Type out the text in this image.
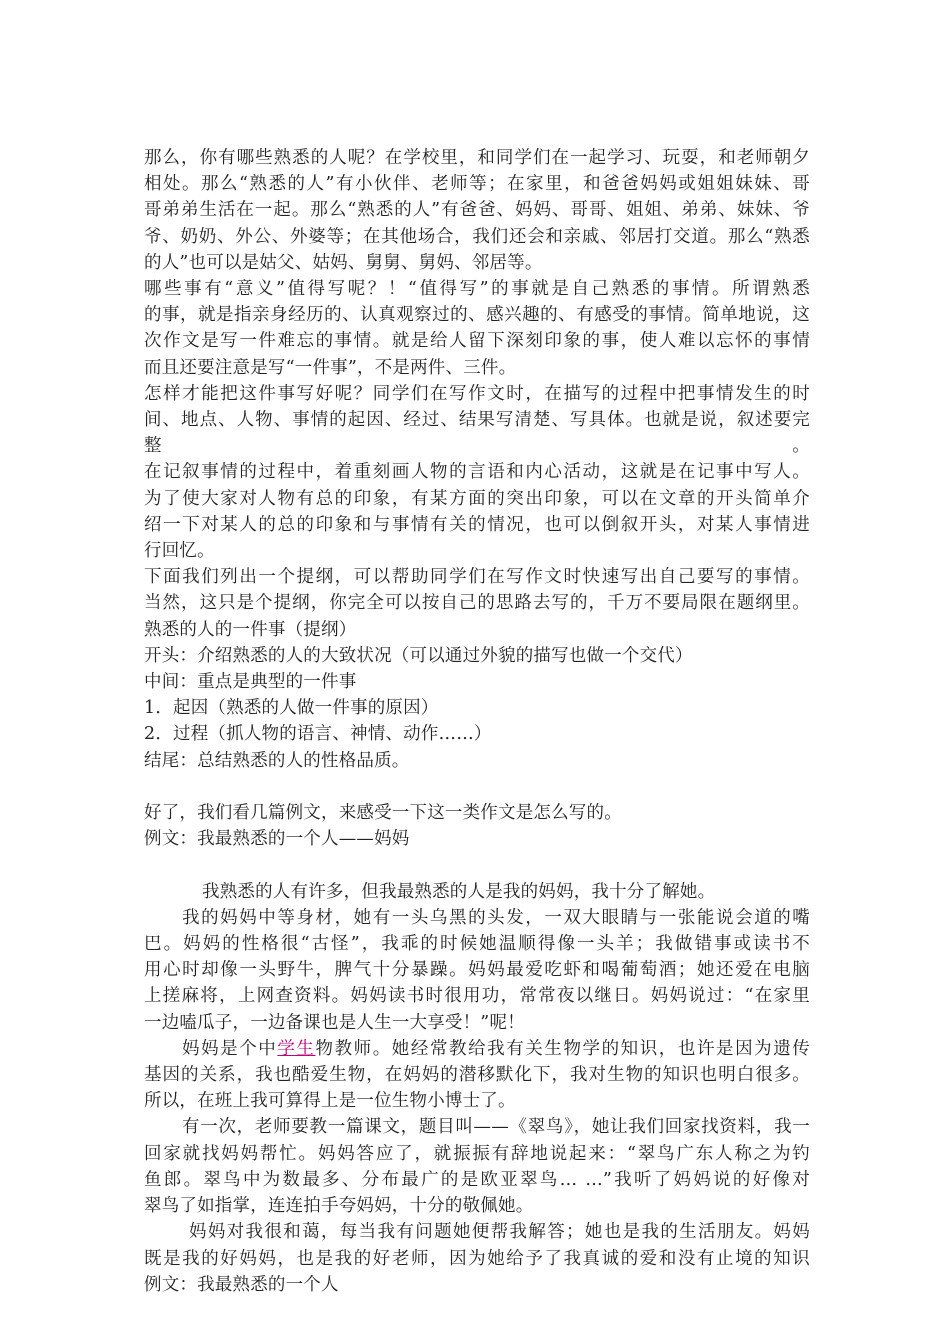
那么，你有哪些熟悉的人呢？在学校里，和同学们在一起学习、玩耍，和老师朝夕
相处。那么“熟悉的人”有小伙伴、老师等；在家里，和爸爸妈妈或姐姐妹妹、哥
哥弟弟生活在一起。那么“熟悉的人”有爸爸、妈妈、哥哥、姐姐、弟弟、妹妹、爷
爷、奶奶、外公、外婆等；在其他场合，我们还会和亲戚、邻居打交道。那么“熟悉
的人”也可以是姑父、姑妈、舅舅、舅妈、邻居等。
哪些事有“意义”值得写呢？！“值得写”的事就是自己熟悉的事情。所谓熟悉
的事，就是指亲身经历的、认真观察过的、感兴趣的、有感受的事情。简单地说，这
次作文是写一件难忘的事情。就是给人留下深刻印象的事，使人难以忘怀的事情
而且还要注意是写“一件事”，不是两件、三件。
怎样才能把这件事写好呢？同学们在写作文时，在描写的过程中把事情发生的时
间、地点、人物、事情的起因、经过、结果写清楚、写具体。也就是说，叙述要完整。
在记叙事情的过程中，着重刻画人物的言语和内心活动，这就是在记事中写人。
为了使大家对人物有总的印象，有某方面的突出印象，可以在文章的开头简单介
绍一下对某人的总的印象和与事情有关的情况，也可以倒叙开头，对某人事情进
行回忆。
下面我们列出一个提纲，可以帮助同学们在写作文时快速写出自己要写的事情。
当然，这只是个提纲，你完全可以按自己的思路去写的，千万不要局限在题纲里。
熟悉的人的一件事（提纲）
开头：介绍熟悉的人的大致状况（可以通过外貌的描写也做一个交代）
中间：重点是典型的一件事
1．起因（熟悉的人做一件事的原因）
2．过程（抓人物的语言、神情、动作……）
结尾：总结熟悉的人的性格品质。
好了，我们看几篇例文，来感受一下这一类作文是怎么写的。
例文：我最熟悉的一个人——妈妈
我熟悉的人有许多，但我最熟悉的人是我的妈妈，我十分了解她。
我的妈妈中等身材，她有一头乌黑的头发，一双大眼睛与一张能说会道的嘴
巴。妈妈的性格很“古怪”，我乖的时候她温顺得像一头羊；我做错事或读书不
用心时却像一头野牛，脾气十分暴躁。妈妈最爱吃虾和喝葡萄酒；她还爱在电脑
上搓麻将，上网查资料。妈妈读书时很用功，常常夜以继日。妈妈说过：“在家里
一边嗑瓜子，一边备课也是人生一大享受！”呢！
妈妈是个中学生物教师。她经常教给我有关生物学的知识，也许是因为遗传
基因的关系，我也酷爱生物，在妈妈的潜移默化下，我对生物的知识也明白很多。
所以，在班上我可算得上是一位生物小博士了。
有一次，老师要教一篇课文，题目叫——《翠鸟》，她让我们回家找资料，我一
回家就找妈妈帮忙。妈妈答应了，就振振有辞地说起来：“翠鸟广东人称之为钓
鱼郎。翠鸟中为数最多、分布最广的是欧亚翠鸟… …”我听了妈妈说的好像对
翠鸟了如指掌，连连拍手夸妈妈，十分的敬佩她。
妈妈对我很和蔼，每当我有问题她便帮我解答；她也是我的生活朋友。妈妈
既是我的好妈妈，也是我的好老师，因为她给予了我真诚的爱和没有止境的知识
例文：我最熟悉的一个人
